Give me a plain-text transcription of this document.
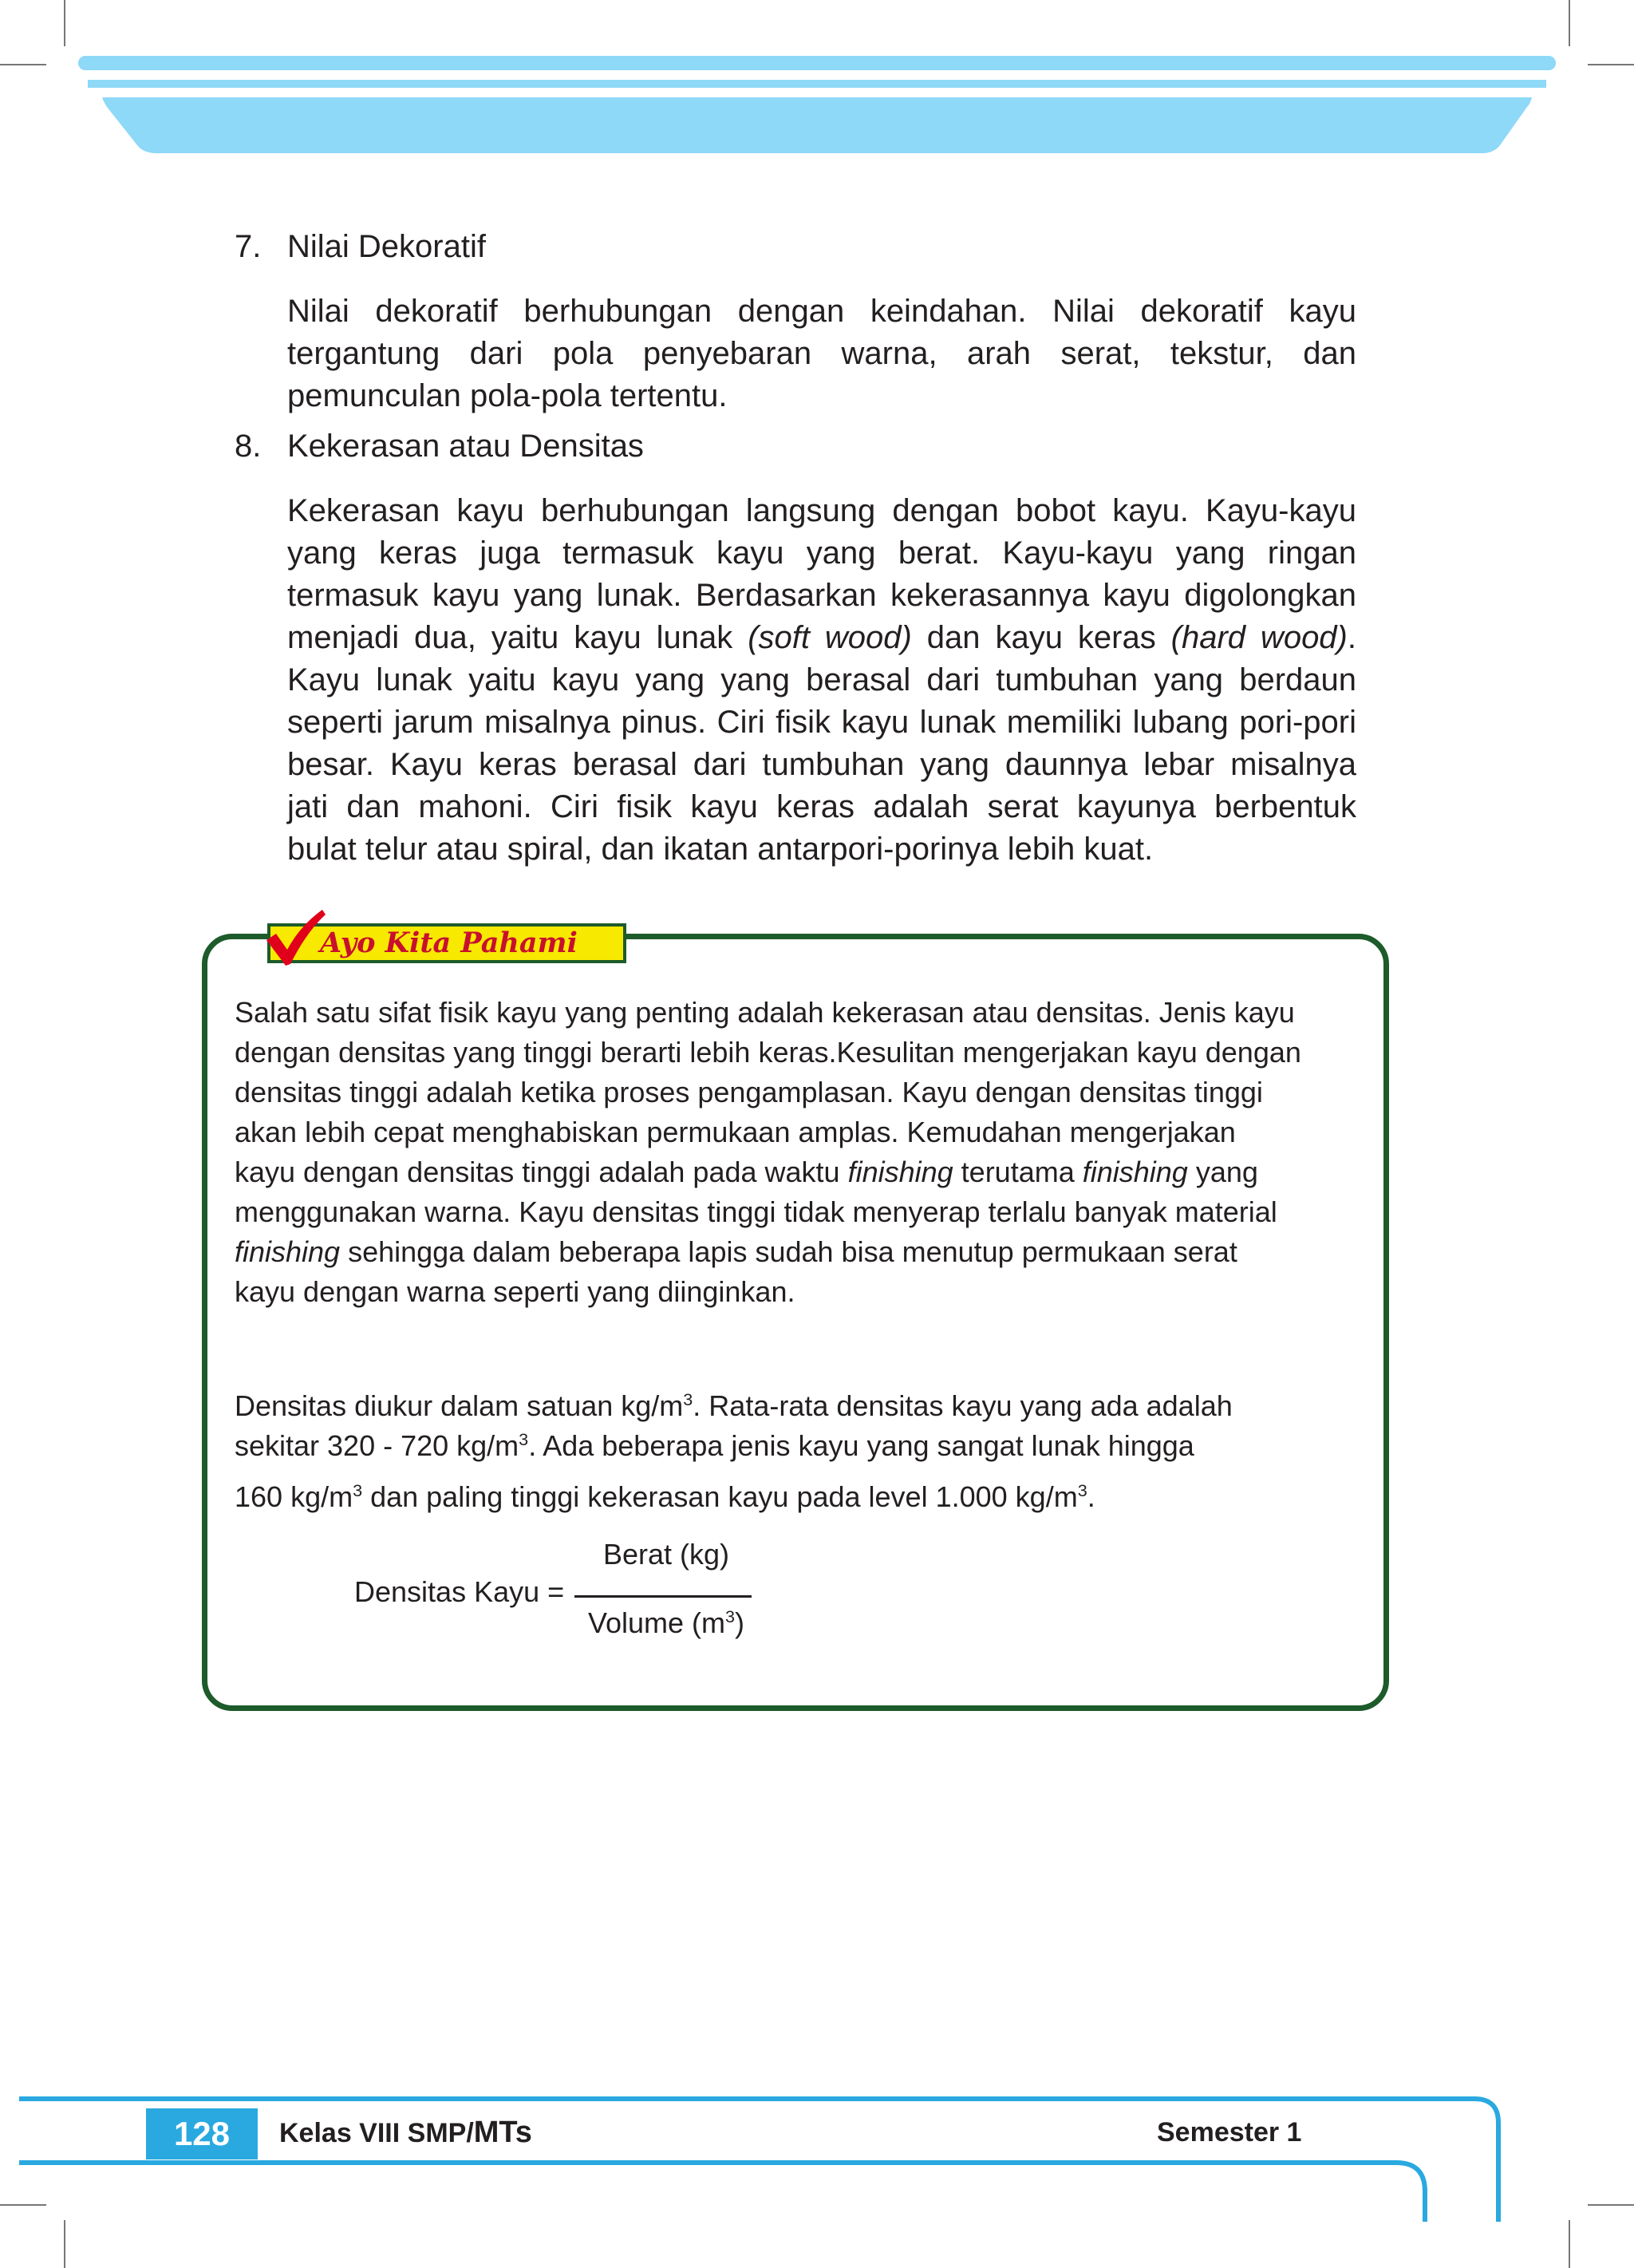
7. Nilai Dekoratif
Nilai dekoratif berhubungan dengan keindahan. Nilai dekoratif kayu
tergantung dari pola penyebaran warna, arah serat, tekstur, dan
pemunculan pola-pola tertentu.
8. Kekerasan atau Densitas
Kekerasan kayu berhubungan langsung dengan bobot kayu. Kayu-kayu
yang keras juga termasuk kayu yang berat. Kayu-kayu yang ringan
termasuk kayu yang lunak. Berdasarkan kekerasannya kayu digolongkan
menjadi dua, yaitu kayu lunak (soft wood) dan kayu keras (hard wood).
Kayu lunak yaitu kayu yang yang berasal dari tumbuhan yang berdaun
seperti jarum misalnya pinus. Ciri fisik kayu lunak memiliki lubang pori-pori
besar. Kayu keras berasal dari tumbuhan yang daunnya lebar misalnya
jati dan mahoni. Ciri fisik kayu keras adalah serat kayunya berbentuk
bulat telur atau spiral, dan ikatan antarpori-porinya lebih kuat.
Ayo Kita Pahami
Salah satu sifat fisik kayu yang penting adalah kekerasan atau densitas. Jenis kayu
dengan densitas yang tinggi berarti lebih keras.Kesulitan mengerjakan kayu dengan
densitas tinggi adalah ketika proses pengamplasan. Kayu dengan densitas tinggi
akan lebih cepat menghabiskan permukaan amplas. Kemudahan mengerjakan
kayu dengan densitas tinggi adalah pada waktu finishing terutama finishing yang
menggunakan warna. Kayu densitas tinggi tidak menyerap terlalu banyak material
finishing sehingga dalam beberapa lapis sudah bisa menutup permukaan serat
kayu dengan warna seperti yang diinginkan.
Densitas diukur dalam satuan $kg/m^3$. Rata-rata densitas kayu yang ada adalah
sekitar 320 - 720 $kg/m^3$. Ada beberapa jenis kayu yang sangat lunak hingga
160 $kg/m^3$ dan paling tinggi kekerasan kayu pada level 1.000 $kg/m^3$.
Densitas Kayu =
Berat (kg)
Volume $(m^3)$
128	Kelas VIII SMP/MTs	Semester 1
